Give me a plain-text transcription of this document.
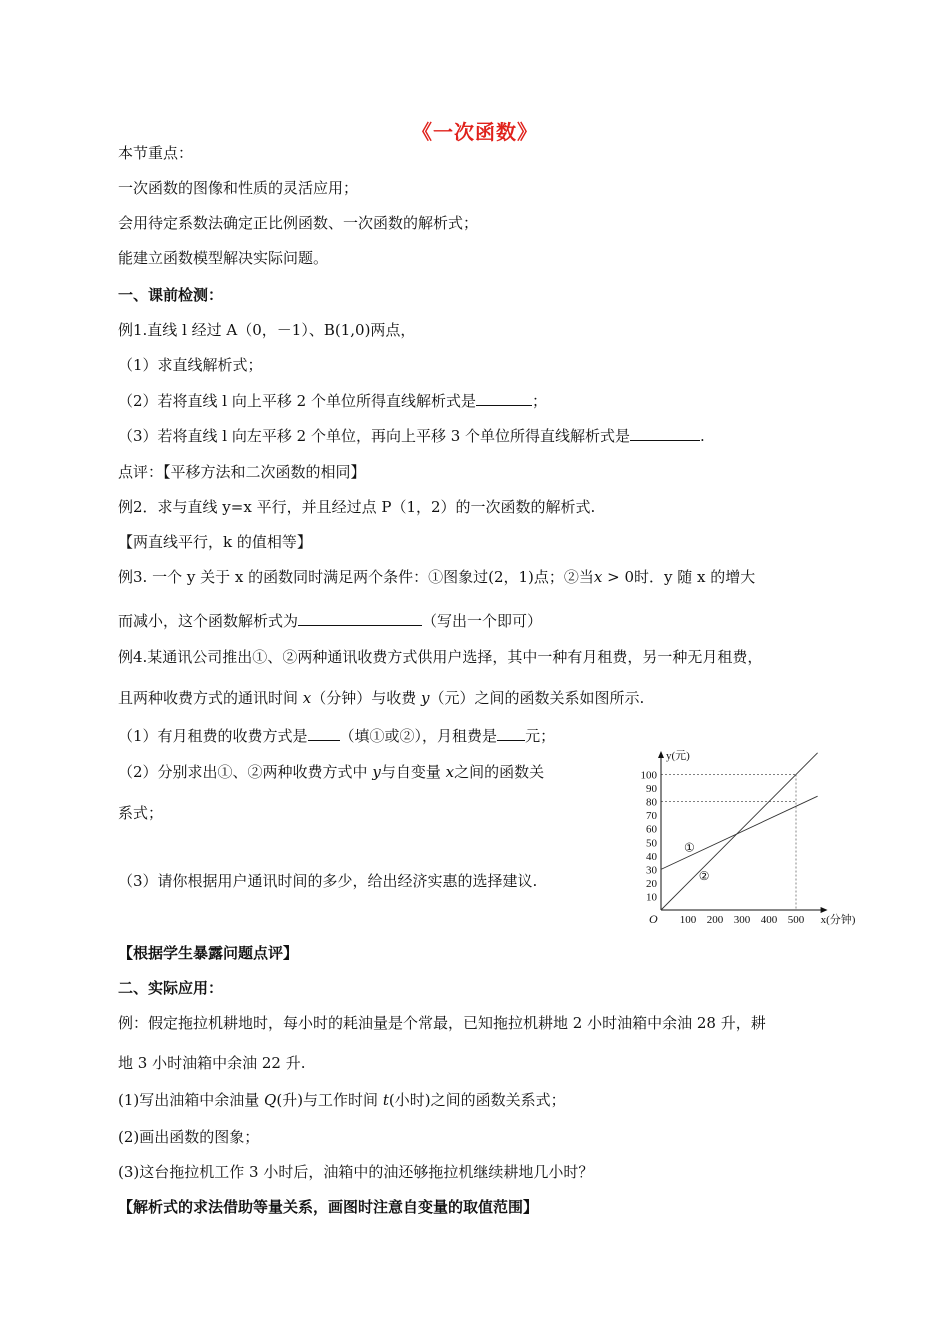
《一次函数》
本节重点：
一次函数的图像和性质的灵活应用；
会用待定系数法确定正比例函数、一次函数的解析式；
能建立函数模型解决实际问题。
一、课前检测：
例1.直线 l 经过 A（0，－1）、B(1,0)两点，
（1）求直线解析式；
（2）若将直线 l 向上平移 2 个单位所得直线解析式是	；
（3）若将直线 l 向左平移 2 个单位，再向上平移 3 个单位所得直线解析式是	.
点评：【平移方法和二次函数的相同】
例2．求与直线 y=x 平行，并且经过点 P（1，2）的一次函数的解析式.
【两直线平行，k 的值相等】
例3. 一个 y 关于 x 的函数同时满足两个条件：①图象过(2，1)点；②当x > 0时．y 随 x 的增大
而减小，这个函数解析式为	（写出一个即可）
例4.某通讯公司推出①、②两种通讯收费方式供用户选择，其中一种有月租费，另一种无月租费，
且两种收费方式的通讯时间 x（分钟）与收费 y（元）之间的函数关系如图所示.
（1）有月租费的收费方式是 （填①或②），月租费是 元；
（2）分别求出①、②两种收费方式中 y与自变量 x之间的函数关
系式；
（3）请你根据用户通讯时间的多少，给出经济实惠的选择建议.
①
②
10
20
30
40
50
60
70
80
90
100
100 200 300 400 500
y(元)
x(分钟)
O
【根据学生暴露问题点评】
二、实际应用：
例：假定拖拉机耕地时，每小时的耗油量是个常最，已知拖拉机耕地 2 小时油箱中余油 28 升，耕
地 3 小时油箱中余油 22 升.
(1)写出油箱中余油量 Q(升)与工作时间 t(小时)之间的函数关系式；
(2)画出函数的图象；
(3)这台拖拉机工作 3 小时后，油箱中的油还够拖拉机继续耕地几小时？
【解析式的求法借助等量关系，画图时注意自变量的取值范围】
